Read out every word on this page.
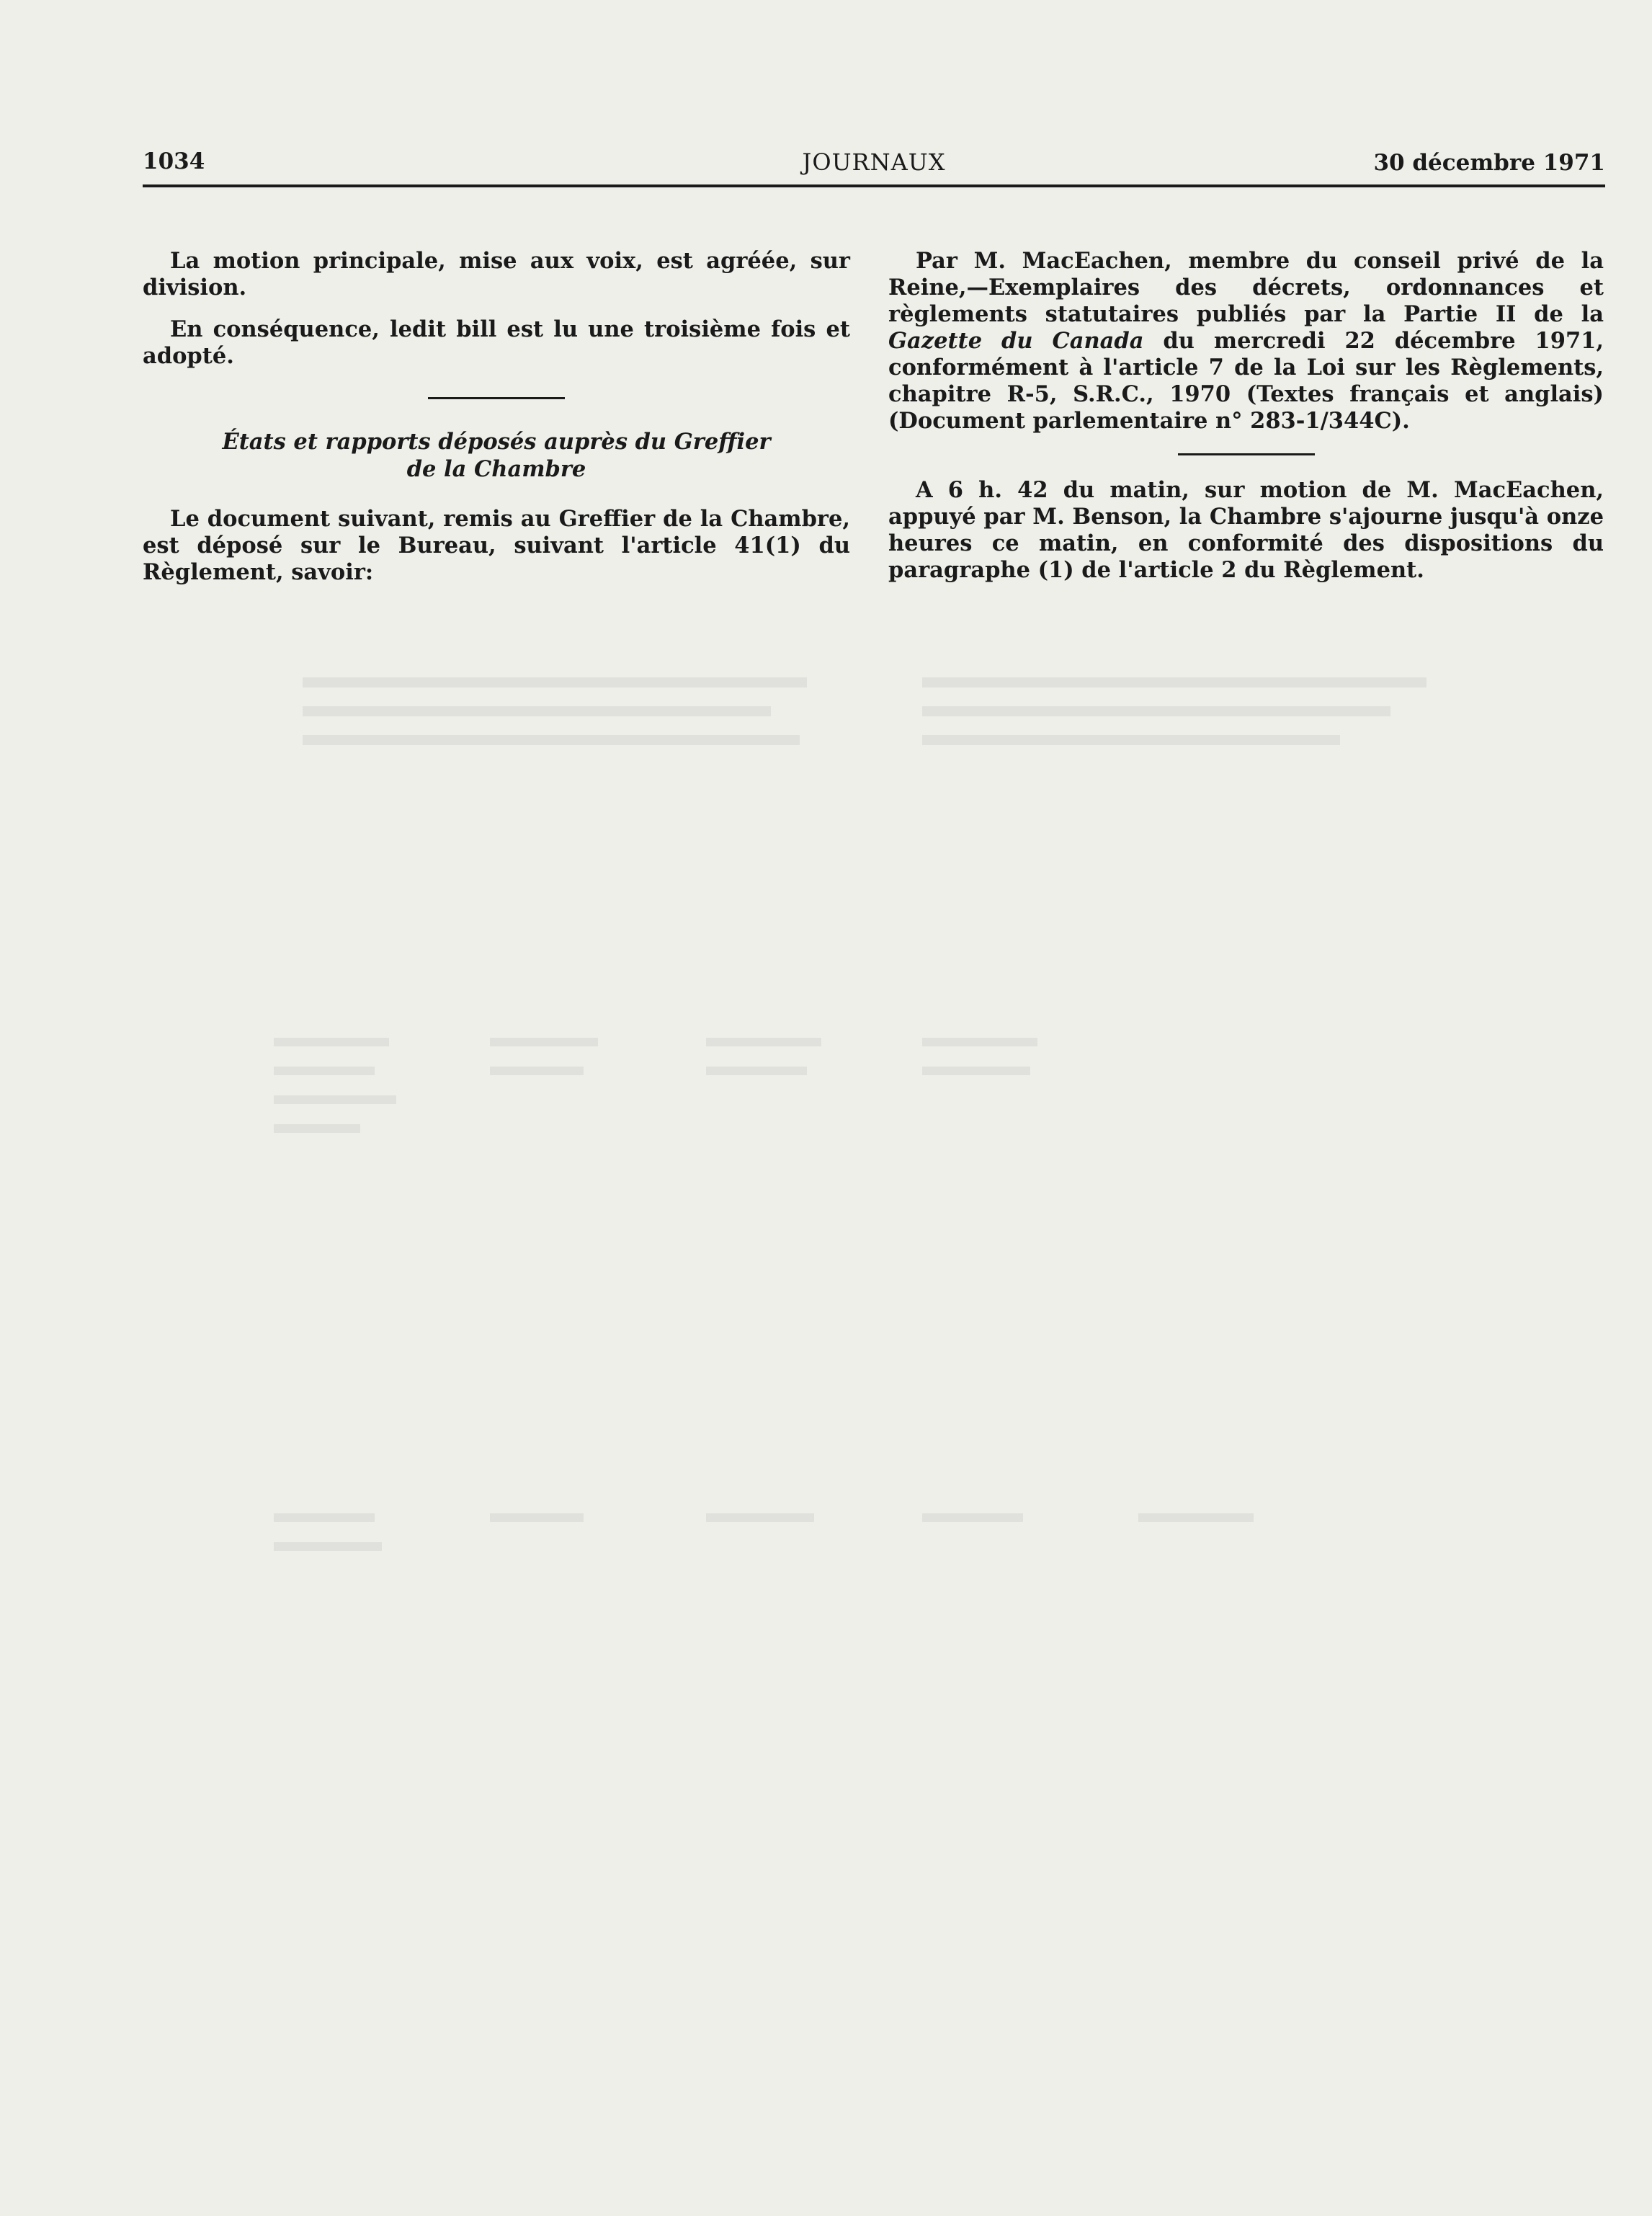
1034	JOURNAUX	30 décembre 1971

La motion principale, mise aux voix, est agréée, sur division.

En conséquence, ledit bill est lu une troisième fois et adopté.

États et rapports déposés auprès du Greffier
de la Chambre

Le document suivant, remis au Greffier de la Chambre, est déposé sur le Bureau, suivant l'article 41(1) du Règlement, savoir:

Par M. MacEachen, membre du conseil privé de la Reine,—Exemplaires des décrets, ordonnances et règlements statutaires publiés par la Partie II de la Gazette du Canada du mercredi 22 décembre 1971, conformément à l'article 7 de la Loi sur les Règlements, chapitre R-5, S.R.C., 1970 (Textes français et anglais) (Document parlementaire n° 283-1/344C).

A 6 h. 42 du matin, sur motion de M. MacEachen, appuyé par M. Benson, la Chambre s'ajourne jusqu'à onze heures ce matin, en conformité des dispositions du paragraphe (1) de l'article 2 du Règlement.
